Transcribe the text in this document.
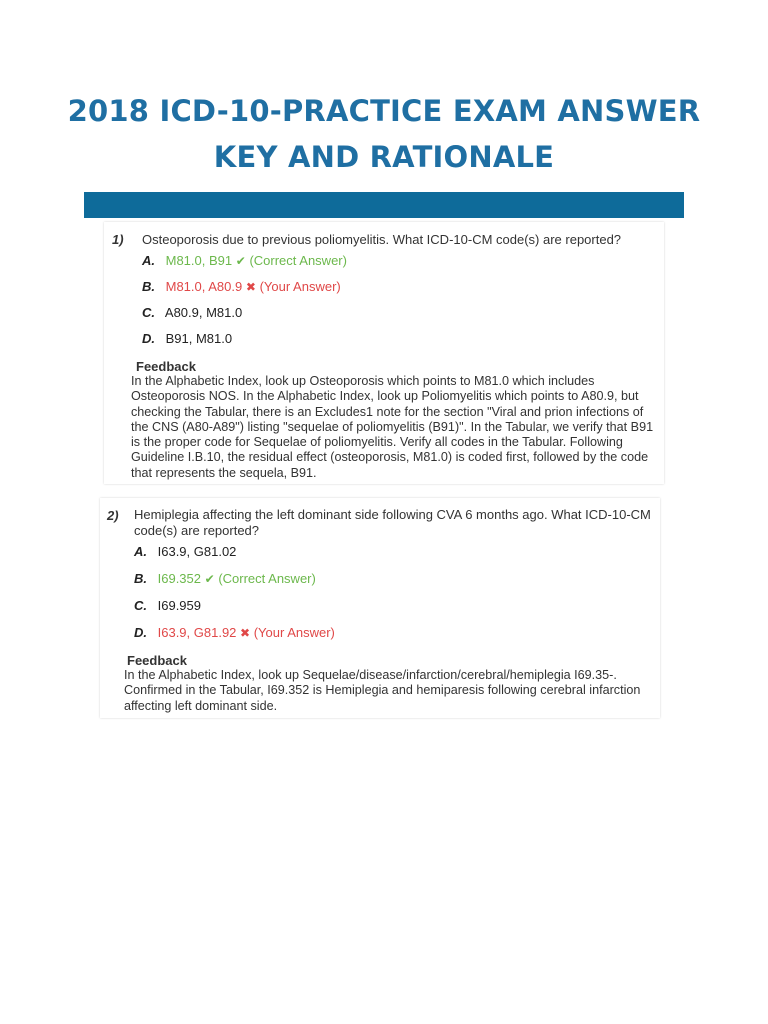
2018 ICD-10-PRACTICE EXAM ANSWER
KEY AND RATIONALE
1) Osteoporosis due to previous poliomyelitis. What ICD-10-CM code(s) are reported?
A. M81.0, B91 ✔ (Correct Answer)
B. M81.0, A80.9 ✖ (Your Answer)
C. A80.9, M81.0
D. B91, M81.0
Feedback
In the Alphabetic Index, look up Osteoporosis which points to M81.0 which includes Osteoporosis NOS. In the Alphabetic Index, look up Poliomyelitis which points to A80.9, but checking the Tabular, there is an Excludes1 note for the section "Viral and prion infections of the CNS (A80-A89") listing "sequelae of poliomyelitis (B91)". In the Tabular, we verify that B91 is the proper code for Sequelae of poliomyelitis. Verify all codes in the Tabular. Following Guideline I.B.10, the residual effect (osteoporosis, M81.0) is coded first, followed by the code that represents the sequela, B91.
2) Hemiplegia affecting the left dominant side following CVA 6 months ago. What ICD-10-CM code(s) are reported?
A. I63.9, G81.02
B. I69.352 ✔ (Correct Answer)
C. I69.959
D. I63.9, G81.92 ✖ (Your Answer)
Feedback
In the Alphabetic Index, look up Sequelae/disease/infarction/cerebral/hemiplegia I69.35-. Confirmed in the Tabular, I69.352 is Hemiplegia and hemiparesis following cerebral infarction affecting left dominant side.
